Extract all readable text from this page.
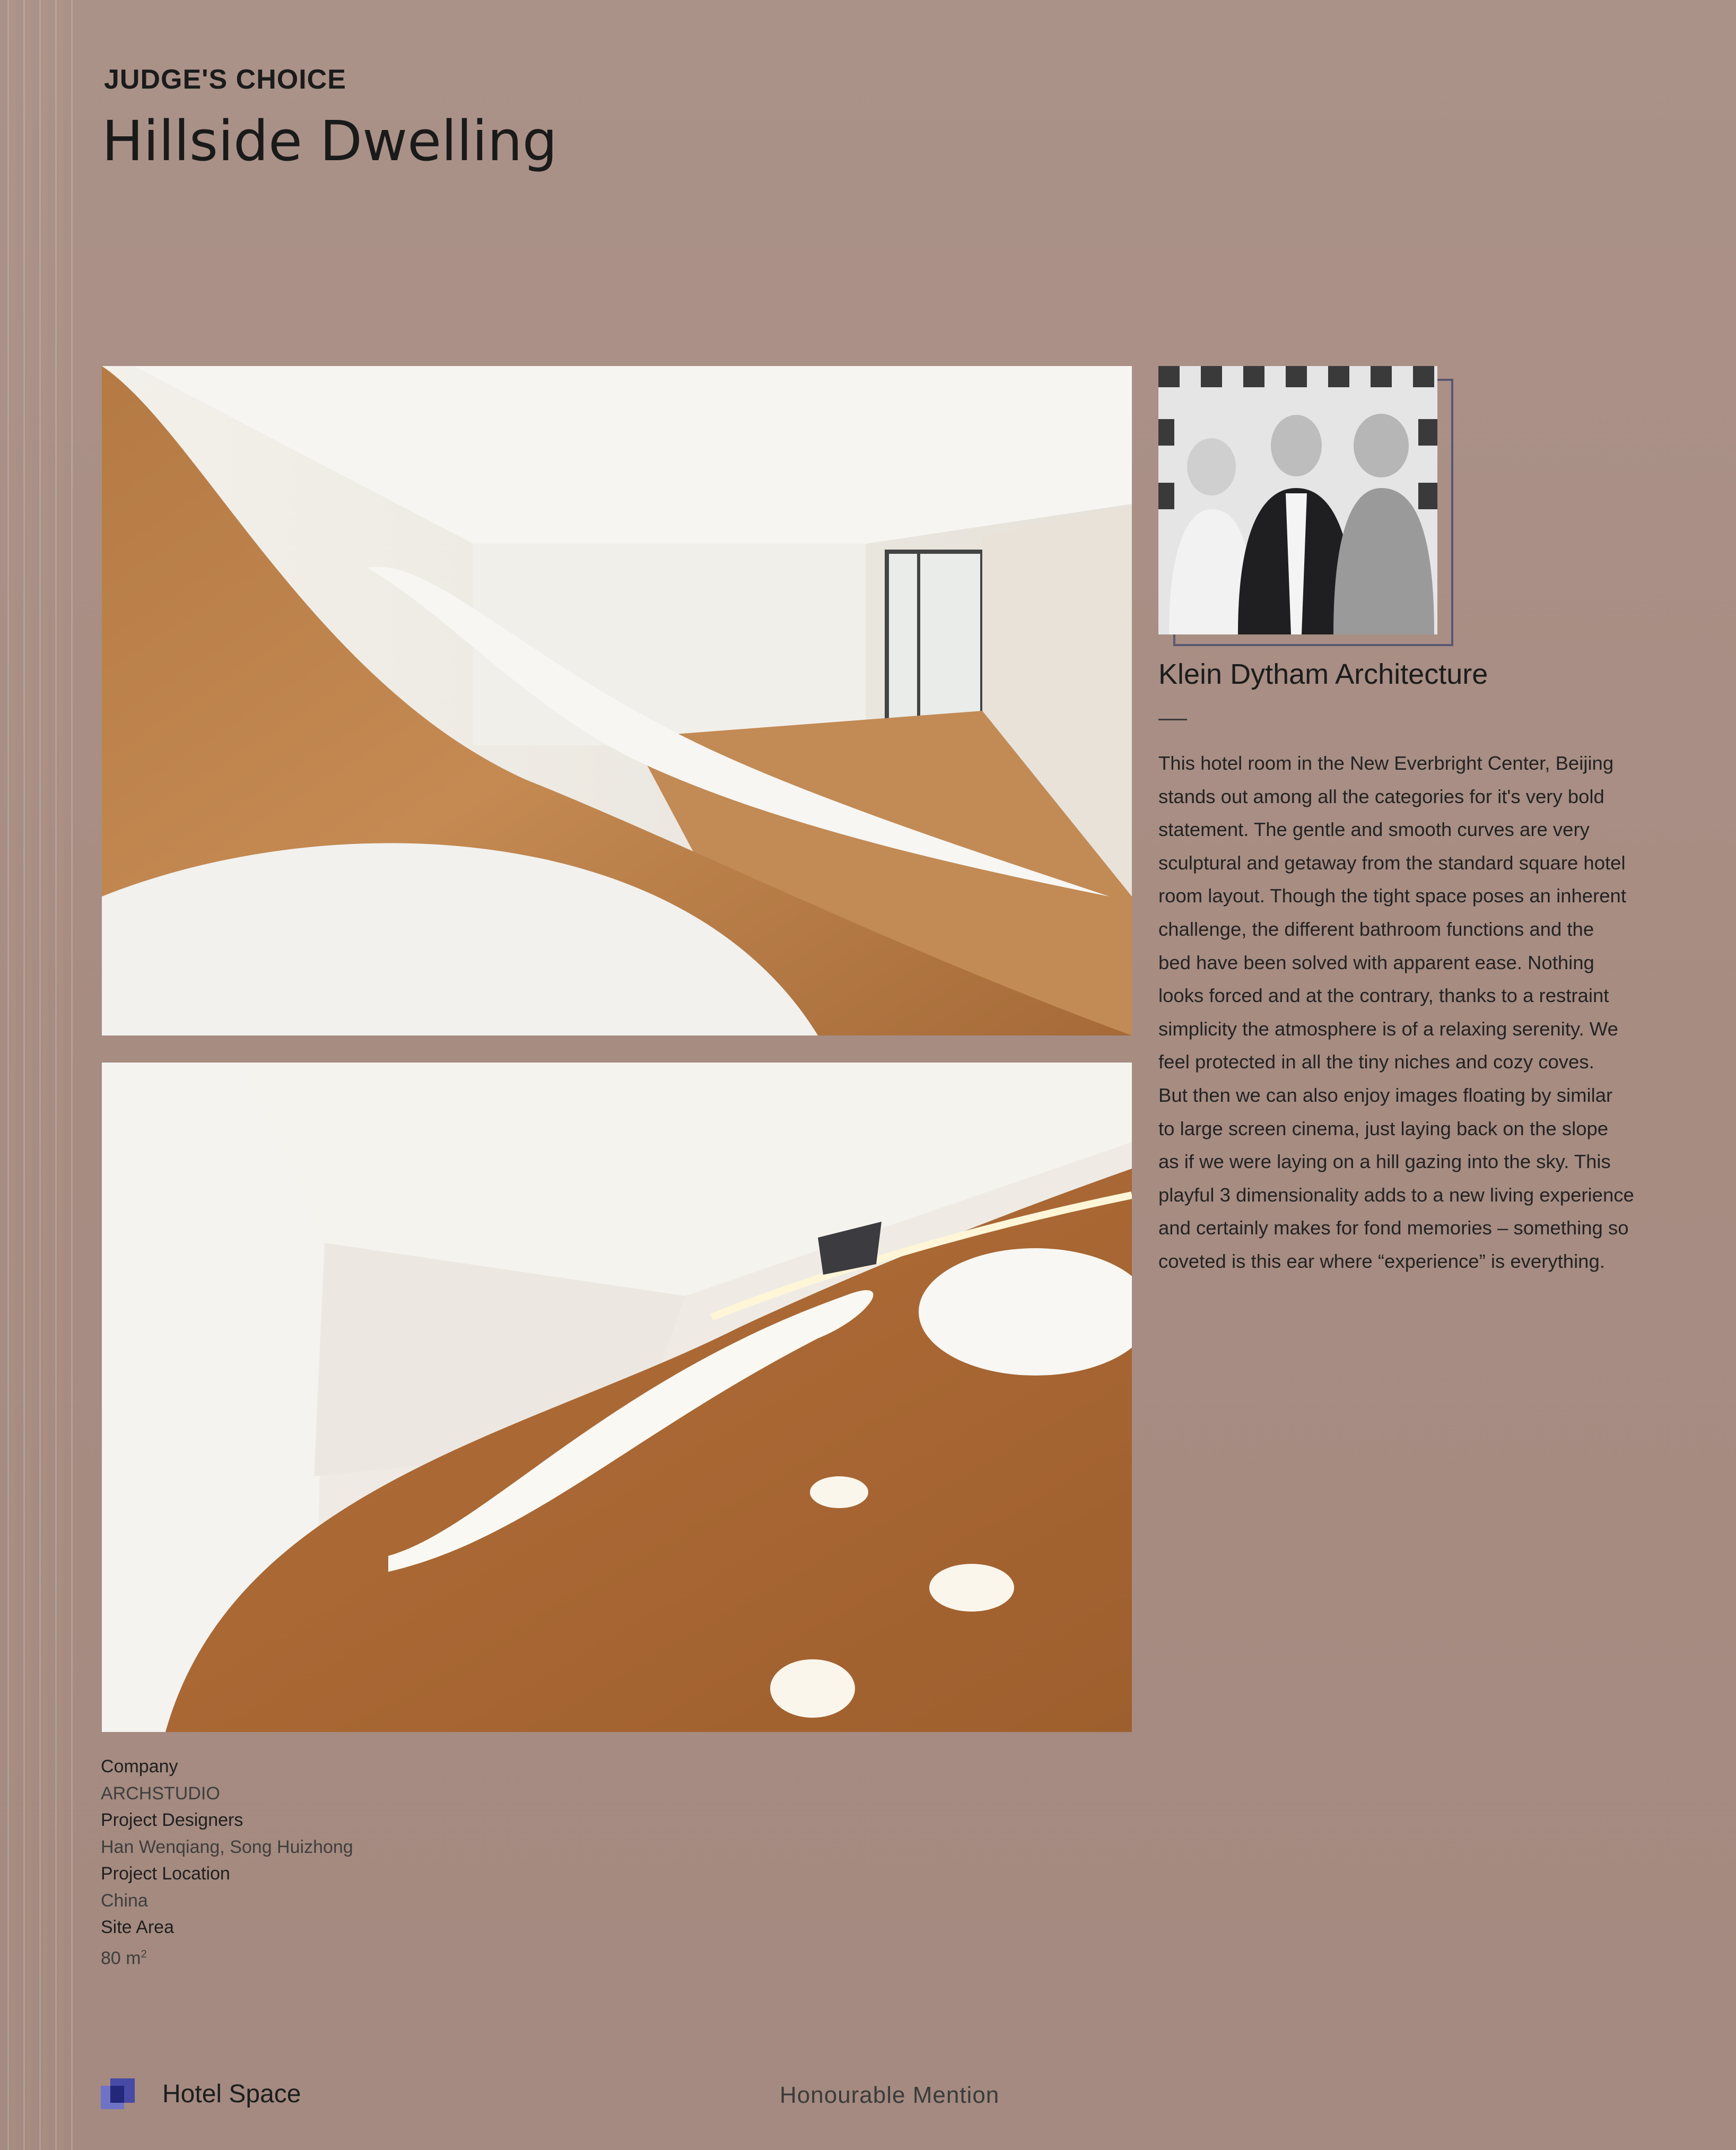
JUDGE'S CHOICE
Hillside Dwelling
Klein Dytham Architecture
This hotel room in the New Everbright Center, Beijing
stands out among all the categories for it's very bold
statement. The gentle and smooth curves are very
sculptural and getaway from the standard square hotel
room layout. Though the tight space poses an inherent
challenge, the different bathroom functions and the
bed have been solved with apparent ease. Nothing
looks forced and at the contrary, thanks to a restraint
simplicity the atmosphere is of a relaxing serenity. We
feel protected in all the tiny niches and cozy coves.
But then we can also enjoy images floating by similar
to large screen cinema, just laying back on the slope
as if we were laying on a hill gazing into the sky. This
playful 3 dimensionality adds to a new living experience
and certainly makes for fond memories – something so
coveted is this ear where “experience” is everything.
Company
ARCHSTUDIO
Project Designers
Han Wenqiang, Song Huizhong
Project Location
China
Site Area
80 $m^2$
Hotel Space	Honourable Mention
